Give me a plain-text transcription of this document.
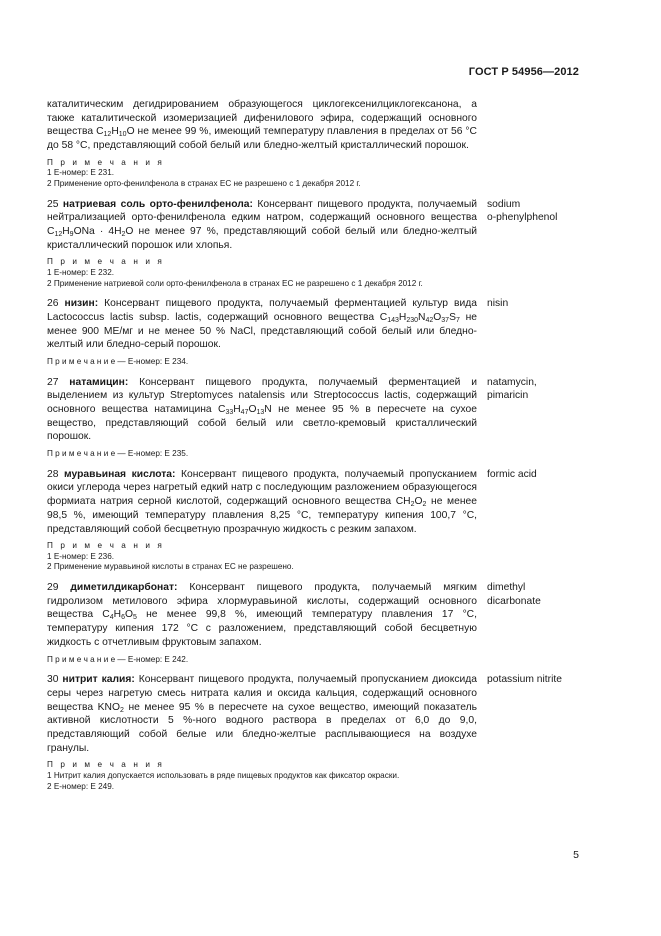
ГОСТ Р 54956—2012
каталитическим дегидрированием образующегося циклогексенилциклогексанона, а также каталитической изомеризацией дифенилового эфира, содержащий основного вещества $C_{12}H_{10}O$ не менее 99 %, имеющий температуру плавления в пределах от 56 °C до 58 °C, представляющий собой белый или бледно-желтый кристаллический порошок.
П р и м е ч а н и я
1 Е-номер: Е 231.
2 Применение орто-фенилфенола в странах ЕС не разрешено с 1 декабря 2012 г.
25 натриевая соль орто-фенилфенола: Консервант пищевого продукта, получаемый нейтрализацией орто-фенилфенола едким натром, содержащий основного вещества $C_{12}H_9ONa \cdot 4H_2O$ не менее 97 %, представляющий собой белый или бледно-желтый кристаллический порошок или хлопья.
sodium
o-phenylphenol
П р и м е ч а н и я
1 Е-номер: Е 232.
2 Применение натриевой соли орто-фенилфенола в странах ЕС не разрешено с 1 декабря 2012 г.
26 низин: Консервант пищевого продукта, получаемый ферментацией культур вида Lactococcus lactis subsp. lactis, содержащий основного вещества $C_{143}H_{230}N_{42}O_{37}S_7$ не менее 900 МЕ/мг и не менее 50 % NaCl, представляющий собой белый или бледно-желтый или бледно-серый порошок.
nisin
П р и м е ч а н и е — Е-номер: Е 234.
27 натамицин: Консервант пищевого продукта, получаемый ферментацией и выделением из культур Streptomyces natalensis или Streptococcus lactis, содержащий основного вещества натамицина $C_{33}H_{47}O_{13}N$ не менее 95 % в пересчете на сухое вещество, представляющий собой белый или светло-кремовый кристаллический порошок.
natamycin,
pimaricin
П р и м е ч а н и е — Е-номер: Е 235.
28 муравьиная кислота: Консервант пищевого продукта, получаемый пропусканием окиси углерода через нагретый едкий натр с последующим разложением образующегося формиата натрия серной кислотой, содержащий основного вещества $CH_2O_2$ не менее 98,5 %, имеющий температуру плавления 8,25 °C, температуру кипения 100,7 °C, представляющий собой бесцветную прозрачную жидкость с резким запахом.
formic acid
П р и м е ч а н и я
1 Е-номер: Е 236.
2 Применение муравьиной кислоты в странах ЕС не разрешено.
29 диметилдикарбонат: Консервант пищевого продукта, получаемый мягким гидролизом метилового эфира хлормуравьиной кислоты, содержащий основного вещества $C_4H_6O_5$ не менее 99,8 %, имеющий температуру плавления 17 °C, температуру кипения 172 °C с разложением, представляющий собой бесцветную жидкость с отчетливым фруктовым запахом.
dimethyl
dicarbonate
П р и м е ч а н и е — Е-номер: Е 242.
30 нитрит калия: Консервант пищевого продукта, получаемый пропусканием диоксида серы через нагретую смесь нитрата калия и оксида кальция, содержащий основного вещества $KNO_2$ не менее 95 % в пересчете на сухое вещество, имеющий показатель активной кислотности 5 %-ного водного раствора в пределах от 6,0 до 9,0, представляющий собой белые или бледно-желтые расплывающиеся на воздухе гранулы.
potassium nitrite
П р и м е ч а н и я
1 Нитрит калия допускается использовать в ряде пищевых продуктов как фиксатор окраски.
2 Е-номер: Е 249.
5
